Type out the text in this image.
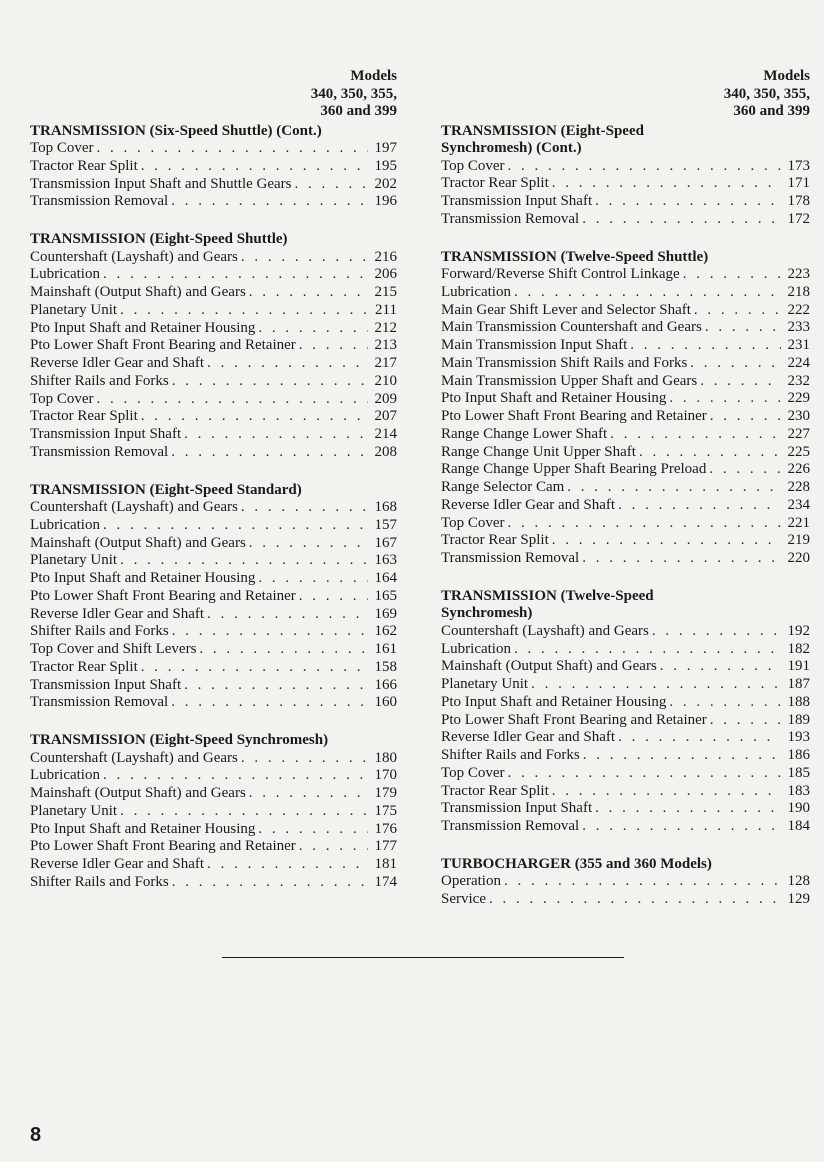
Models
340, 350, 355,
360 and 399
TRANSMISSION (Six-Speed Shuttle) (Cont.)
Top Cover . . .	197
Tractor Rear Split . . .	195
Transmission Input Shaft and Shuttle Gears . . .	202
Transmission Removal . . .	196
TRANSMISSION (Eight-Speed Shuttle)
Countershaft (Layshaft) and Gears . . .	216
Lubrication . . .	206
Mainshaft (Output Shaft) and Gears . . .	215
Planetary Unit . . .	211
Pto Input Shaft and Retainer Housing . . .	212
Pto Lower Shaft Front Bearing and Retainer . . .	213
Reverse Idler Gear and Shaft . . .	217
Shifter Rails and Forks . . .	210
Top Cover . . .	209
Tractor Rear Split . . .	207
Transmission Input Shaft . . .	214
Transmission Removal . . .	208
TRANSMISSION (Eight-Speed Standard)
Countershaft (Layshaft) and Gears . . .	168
Lubrication . . .	157
Mainshaft (Output Shaft) and Gears . . .	167
Planetary Unit . . .	163
Pto Input Shaft and Retainer Housing . . .	164
Pto Lower Shaft Front Bearing and Retainer . . .	165
Reverse Idler Gear and Shaft . . .	169
Shifter Rails and Forks . . .	162
Top Cover and Shift Levers . . .	161
Tractor Rear Split . . .	158
Transmission Input Shaft . . .	166
Transmission Removal . . .	160
TRANSMISSION (Eight-Speed Synchromesh)
Countershaft (Layshaft) and Gears . . .	180
Lubrication . . .	170
Mainshaft (Output Shaft) and Gears . . .	179
Planetary Unit . . .	175
Pto Input Shaft and Retainer Housing . . .	176
Pto Lower Shaft Front Bearing and Retainer . . .	177
Reverse Idler Gear and Shaft . . .	181
Shifter Rails and Forks . . .	174
Models
340, 350, 355,
360 and 399
TRANSMISSION (Eight-Speed
Synchromesh) (Cont.)
Top Cover . . .	173
Tractor Rear Split . . .	171
Transmission Input Shaft . . .	178
Transmission Removal . . .	172
TRANSMISSION (Twelve-Speed Shuttle)
Forward/Reverse Shift Control Linkage . . .	223
Lubrication . . .	218
Main Gear Shift Lever and Selector Shaft . . .	222
Main Transmission Countershaft and Gears . . .	233
Main Transmission Input Shaft . . .	231
Main Transmission Shift Rails and Forks . . .	224
Main Transmission Upper Shaft and Gears . . .	232
Pto Input Shaft and Retainer Housing . . .	229
Pto Lower Shaft Front Bearing and Retainer . . .	230
Range Change Lower Shaft . . .	227
Range Change Unit Upper Shaft . . .	225
Range Change Upper Shaft Bearing Preload . . .	226
Range Selector Cam . . .	228
Reverse Idler Gear and Shaft . . .	234
Top Cover . . .	221
Tractor Rear Split . . .	219
Transmission Removal . . .	220
TRANSMISSION (Twelve-Speed
Synchromesh)
Countershaft (Layshaft) and Gears . . .	192
Lubrication . . .	182
Mainshaft (Output Shaft) and Gears . . .	191
Planetary Unit . . .	187
Pto Input Shaft and Retainer Housing . . .	188
Pto Lower Shaft Front Bearing and Retainer . . .	189
Reverse Idler Gear and Shaft . . .	193
Shifter Rails and Forks . . .	186
Top Cover . . .	185
Tractor Rear Split . . .	183
Transmission Input Shaft . . .	190
Transmission Removal . . .	184
TURBOCHARGER (355 and 360 Models)
Operation . . .	128
Service . . .	129
8
